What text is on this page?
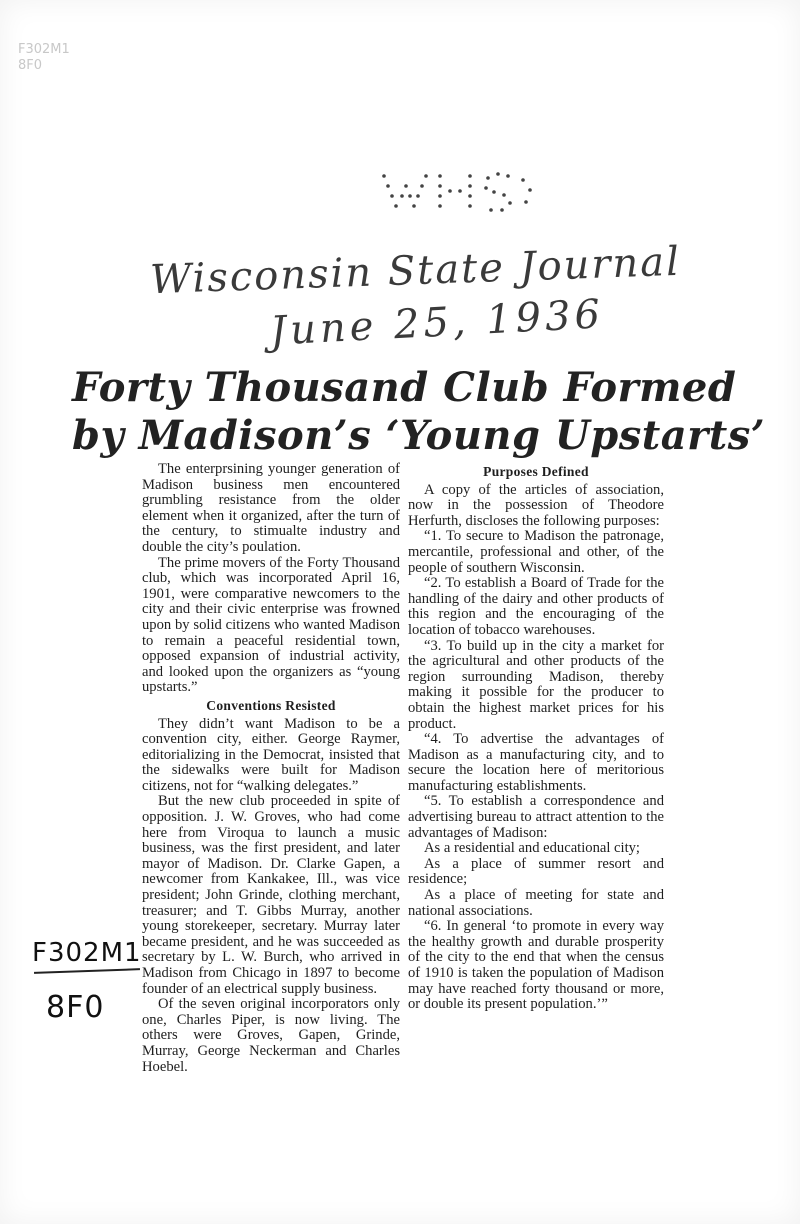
F302M1
8F0
Wisconsin State Journal
June 25, 1936
Forty Thousand Club Formed
by Madison’s ‘Young Upstarts’

The enterprsining younger generation of Madison business men encountered grumbling resistance from the older element when it organized, after the turn of the century, to stimualte industry and double the city’s poulation.

The prime movers of the Forty Thousand club, which was incorporated April 16, 1901, were comparative newcomers to the city and their civic enterprise was frowned upon by solid citizens who wanted Madison to remain a peaceful residential town, opposed expansion of industrial activity, and looked upon the organizers as “young upstarts.”

Conventions Resisted

They didn’t want Madison to be a convention city, either. George Raymer, editorializing in the Democrat, insisted that the sidewalks were built for Madison citizens, not for “walking delegates.”

But the new club proceeded in spite of opposition. J. W. Groves, who had come here from Viroqua to launch a music business, was the first president, and later mayor of Madison. Dr. Clarke Gapen, a newcomer from Kankakee, Ill., was vice president; John Grinde, clothing merchant, treasurer; and T. Gibbs Murray, another young storekeeper, secretary. Murray later became president, and he was succeeded as secretary by L. W. Burch, who arrived in Madison from Chicago in 1897 to become founder of an electrical supply business.

Of the seven original incorporators only one, Charles Piper, is now living. The others were Groves, Gapen, Grinde, Murray, George Neckerman and Charles Hoebel.

Purposes Defined

A copy of the articles of association, now in the possession of Theodore Herfurth, discloses the following purposes:

“1. To secure to Madison the patronage, mercantile, professional and other, of the people of southern Wisconsin.

“2. To establish a Board of Trade for the handling of the dairy and other products of this region and the encouraging of the location of tobacco warehouses.

“3. To build up in the city a market for the agricultural and other products of the region surrounding Madison, thereby making it possible for the producer to obtain the highest market prices for his product.

“4. To advertise the advantages of Madison as a manufacturing city, and to secure the location here of meritorious manufacturing establishments.

“5. To establish a correspondence and advertising bureau to attract attention to the advantages of Madison:

As a residential and educational city;

As a place of summer resort and residence;

As a place of meeting for state and national associations.

“6. In general ‘to promote in every way the healthy growth and durable prosperity of the city to the end that when the census of 1910 is taken the population of Madison may have reached forty thousand or more, or double its present population.’”

F302M1
8F0
